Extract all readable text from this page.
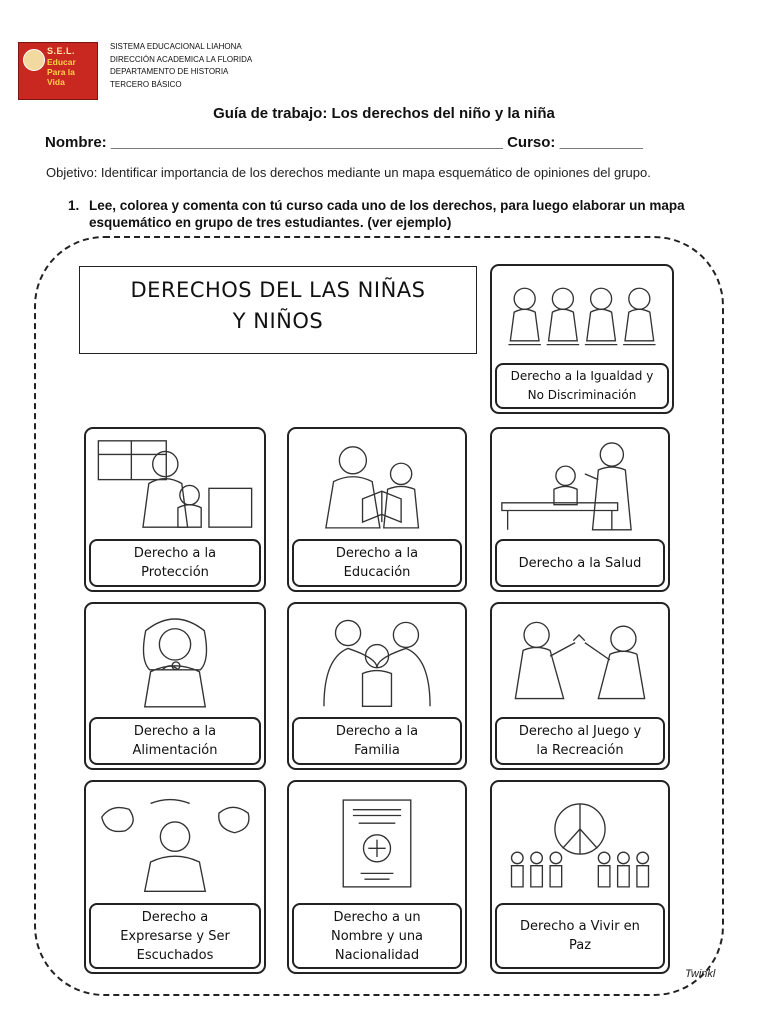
S.E.L.
Educar
Para la
Vida
SISTEMA EDUCACIONAL LIAHONA
DIRECCIÓN ACADEMICA LA FLORIDA
DEPARTAMENTO DE HISTORIA
TERCERO BÁSICO
Guía de trabajo: Los derechos del niño y la niña
Nombre: _______________________________________________ Curso: __________
Objetivo: Identificar importancia de los derechos mediante un mapa esquemático de opiniones del grupo.
1. Lee, colorea y comenta con tú curso cada uno de los derechos, para luego elaborar un mapa esquemático en grupo de tres estudiantes. (ver ejemplo)
DERECHOS DEL LAS NIÑAS
Y NIÑOS
Derecho a la Igualdad y
No Discriminación
Derecho a la
Protección
Derecho a la
Educación
Derecho a la Salud
Derecho a la
Alimentación
Derecho a la
Familia
Derecho al Juego y
la Recreación
Derecho a
Expresarse y Ser
Escuchados
Derecho a un
Nombre y una
Nacionalidad
Derecho a Vivir en
Paz
Twinkl
